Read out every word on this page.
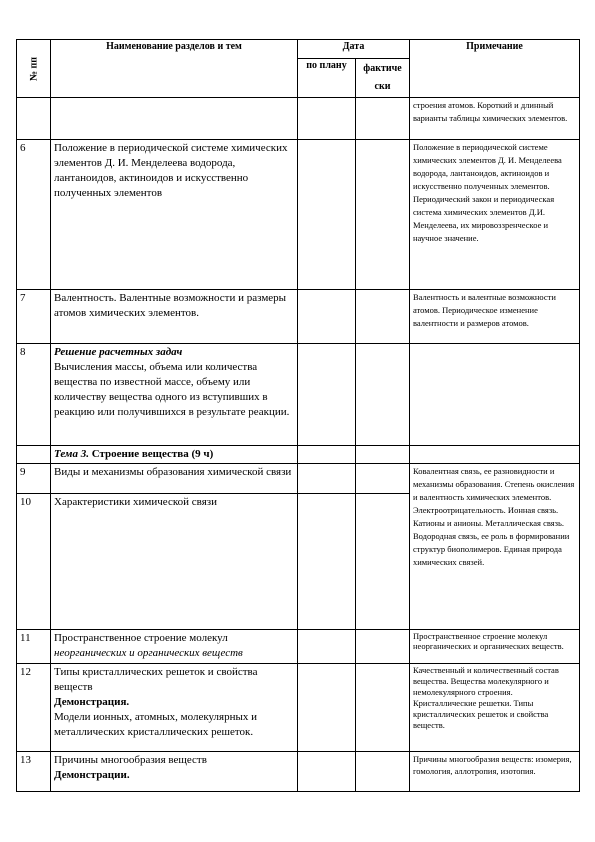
№ пп	Наименование разделов и тем	Дата		Примечание
		по плану	фактиче ски	
				строения атомов. Короткий и длинный варианты таблицы химических элементов.
6	Положение в периодической системе химических элементов Д. И. Менделеева водорода, лантаноидов, актиноидов и искусственно полученных элементов			Положение в периодической системе химических элементов Д. И. Менделеева водорода, лантаноидов, актиноидов и искусственно полученных элементов. Периодический закон и периодическая система химических элементов Д.И. Менделеева, их мировоззренческое и научное значение.
7	Валентность. Валентные возможности и размеры атомов химических элементов.			Валентность и валентные возможности атомов. Периодическое изменение валентности и размеров атомов.
8	Решение расчетных задач
Вычисления массы, объема или количества вещества по известной массе, объему или количеству вещества одного из вступивших в реакцию или получившихся в результате реакции.			

	Тема 3. Строение вещества (9 ч)			
9	Виды и механизмы образования химической связи			Ковалентная связь, ее разновидности и механизмы образования. Степень окисления и валентность химических элементов. Электроотрицательность. Ионная связь. Катионы и анионы. Металлическая связь. Водородная связь, ее роль в формировании структур биополимеров. Единая природа химических связей.
10	Характеристики химической связи			
11	Пространственное строение молекул
неорганических и органических веществ			Пространственное строение молекул неорганических и органических веществ.
12	Типы кристаллических решеток и свойства веществ
Демонстрация.
Модели ионных, атомных, молекулярных и металлических кристаллических решеток.			Качественный и количественный состав вещества. Вещества молекулярного и немолекулярного строения. Кристаллические решетки. Типы кристаллических решеток и свойства веществ.
13	Причины многообразия веществ
Демонстрации.			Причины многообразия веществ: изомерия, гомология, аллотропия, изотопия.
